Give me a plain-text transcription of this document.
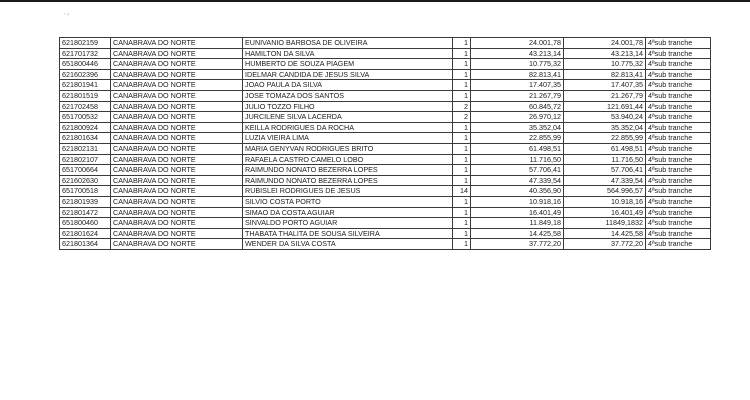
˙ʻ
621802159	CANABRAVA DO NORTE	EUNIVANIO BARBOSA DE OLIVEIRA	1	24.001,78	24.001,78	4ªsub tranche
621701732	CANABRAVA DO NORTE	HAMILTON DA SILVA	1	43.213,14	43.213,14	4ªsub tranche
651800446	CANABRAVA DO NORTE	HUMBERTO DE SOUZA PIAGEM	1	10.775,32	10.775,32	4ªsub tranche
621602396	CANABRAVA DO NORTE	IDELMAR CANDIDA DE JESUS SILVA	1	82.813,41	82.813,41	4ªsub tranche
621801941	CANABRAVA DO NORTE	JOAO PAULA DA SILVA	1	17.407,35	17.407,35	4ªsub tranche
621801519	CANABRAVA DO NORTE	JOSE TOMAZA DOS SANTOS	1	21.267,79	21.267,79	4ªsub tranche
621702458	CANABRAVA DO NORTE	JULIO TOZZO FILHO	2	60.845,72	121.691,44	4ªsub tranche
651700532	CANABRAVA DO NORTE	JURCILENE SILVA LACERDA	2	26.970,12	53.940,24	4ªsub tranche
621800924	CANABRAVA DO NORTE	KEILLA RODRIGUES DA ROCHA	1	35.352,04	35.352,04	4ªsub tranche
621801634	CANABRAVA DO NORTE	LUZIA VIEIRA LIMA	1	22.855,99	22.855,99	4ªsub tranche
621802131	CANABRAVA DO NORTE	MARIA GENYVAN RODRIGUES BRITO	1	61.498,51	61.498,51	4ªsub tranche
621802107	CANABRAVA DO NORTE	RAFAELA CASTRO CAMELO LOBO	1	11.716,50	11.716,50	4ªsub tranche
651700664	CANABRAVA DO NORTE	RAIMUNDO NONATO BEZERRA LOPES	1	57.706,41	57.706,41	4ªsub tranche
621602630	CANABRAVA DO NORTE	RAIMUNDO NONATO BEZERRA LOPES	1	47.339,54	47.339,54	4ªsub tranche
651700518	CANABRAVA DO NORTE	RUBISLEI RODRIGUES DE JESUS	14	40.356,90	564.996,57	4ªsub tranche
621801939	CANABRAVA DO NORTE	SILVIO COSTA PORTO	1	10.918,16	10.918,16	4ªsub tranche
621801472	CANABRAVA DO NORTE	SIMAO DA COSTA AGUIAR	1	16.401,49	16.401,49	4ªsub tranche
651800460	CANABRAVA DO NORTE	SINVALDO PORTO AGUIAR	1	11.849,18	11849,1832	4ªsub tranche
621801624	CANABRAVA DO NORTE	THABATA THALITA DE SOUSA SILVEIRA	1	14.425,58	14.425,58	4ªsub tranche
621801364	CANABRAVA DO NORTE	WENDER DA SILVA COSTA	1	37.772,20	37.772,20	4ªsub tranche
